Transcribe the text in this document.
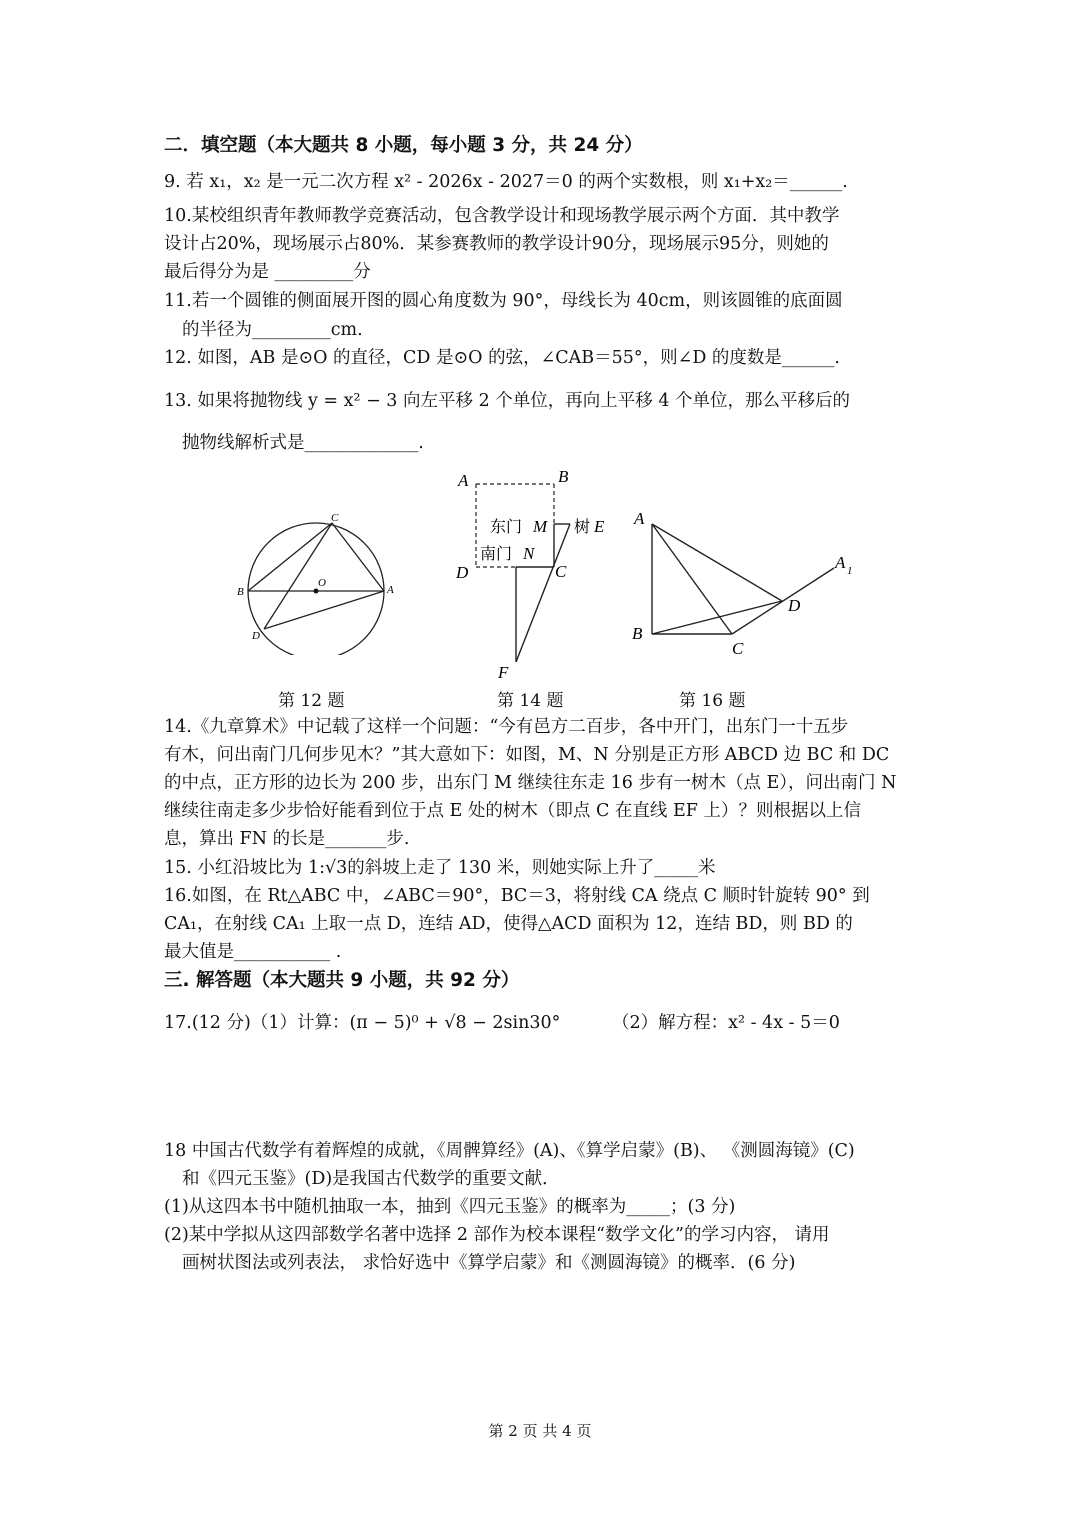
二．填空题（本大题共 8 小题，每小题 3 分，共 24 分）
9. 若 x₁，x₂ 是一元二次方程 x² - 2026x - 2027＝0 的两个实数根，则 x₁+x₂＝______.
10.某校组织青年教师教学竞赛活动，包含教学设计和现场教学展示两个方面．其中教学
设计占20%，现场展示占80%．某参赛教师的教学设计90分，现场展示95分，则她的
最后得分为是 _________分
11.若一个圆锥的侧面展开图的圆心角度数为 90°，母线长为 40cm，则该圆锥的底面圆
的半径为_________cm.
12. 如图，AB 是⊙O 的直径，CD 是⊙O 的弦，∠CAB＝55°，则∠D 的度数是______.
13. 如果将抛物线 y = x² − 3 向左平移 2 个单位，再向上平移 4 个单位，那么平移后的
抛物线解析式是_____________.
C
B	A
O
D
第 12 题
A	B
D	C
F
东门 M
南门 N
树 E
第 14 题
A
B
C
D
A 1
第 16 题
14.《九章算术》中记载了这样一个问题：“今有邑方二百步，各中开门，出东门一十五步
有木，问出南门几何步见木？”其大意如下：如图，M、N 分别是正方形 ABCD 边 BC 和 DC
的中点，正方形的边长为 200 步，出东门 M 继续往东走 16 步有一树木（点 E），问出南门 N
继续往南走多少步恰好能看到位于点 E 处的树木（即点 C 在直线 EF 上）？则根据以上信
息，算出 FN 的长是_______步.
15. 小红沿坡比为 1:√3的斜坡上走了 130 米，则她实际上升了_____米
16.如图，在 Rt△ABC 中，∠ABC＝90°，BC＝3，将射线 CA 绕点 C 顺时针旋转 90° 到
CA₁，在射线 CA₁ 上取一点 D，连结 AD，使得△ACD 面积为 12，连结 BD，则 BD 的
最大值是___________ .
三. 解答题（本大题共 9 小题，共 92 分）
17.(12 分)（1）计算：(π − 5)⁰ + √8 − 2sin30°	（2）解方程：x² - 4x - 5＝0
18 中国古代数学有着辉煌的成就，《周髀算经》(A)、《算学启蒙》(B)、 《测圆海镜》(C)
和《四元玉鉴》(D)是我国古代数学的重要文献．
(1)从这四本书中随机抽取一本，抽到《四元玉鉴》的概率为_____；(3 分)
(2)某中学拟从这四部数学名著中选择 2 部作为校本课程“数学文化”的学习内容， 请用
画树状图法或列表法， 求恰好选中《算学启蒙》和《测圆海镜》的概率．(6 分)
第 2 页 共 4 页
